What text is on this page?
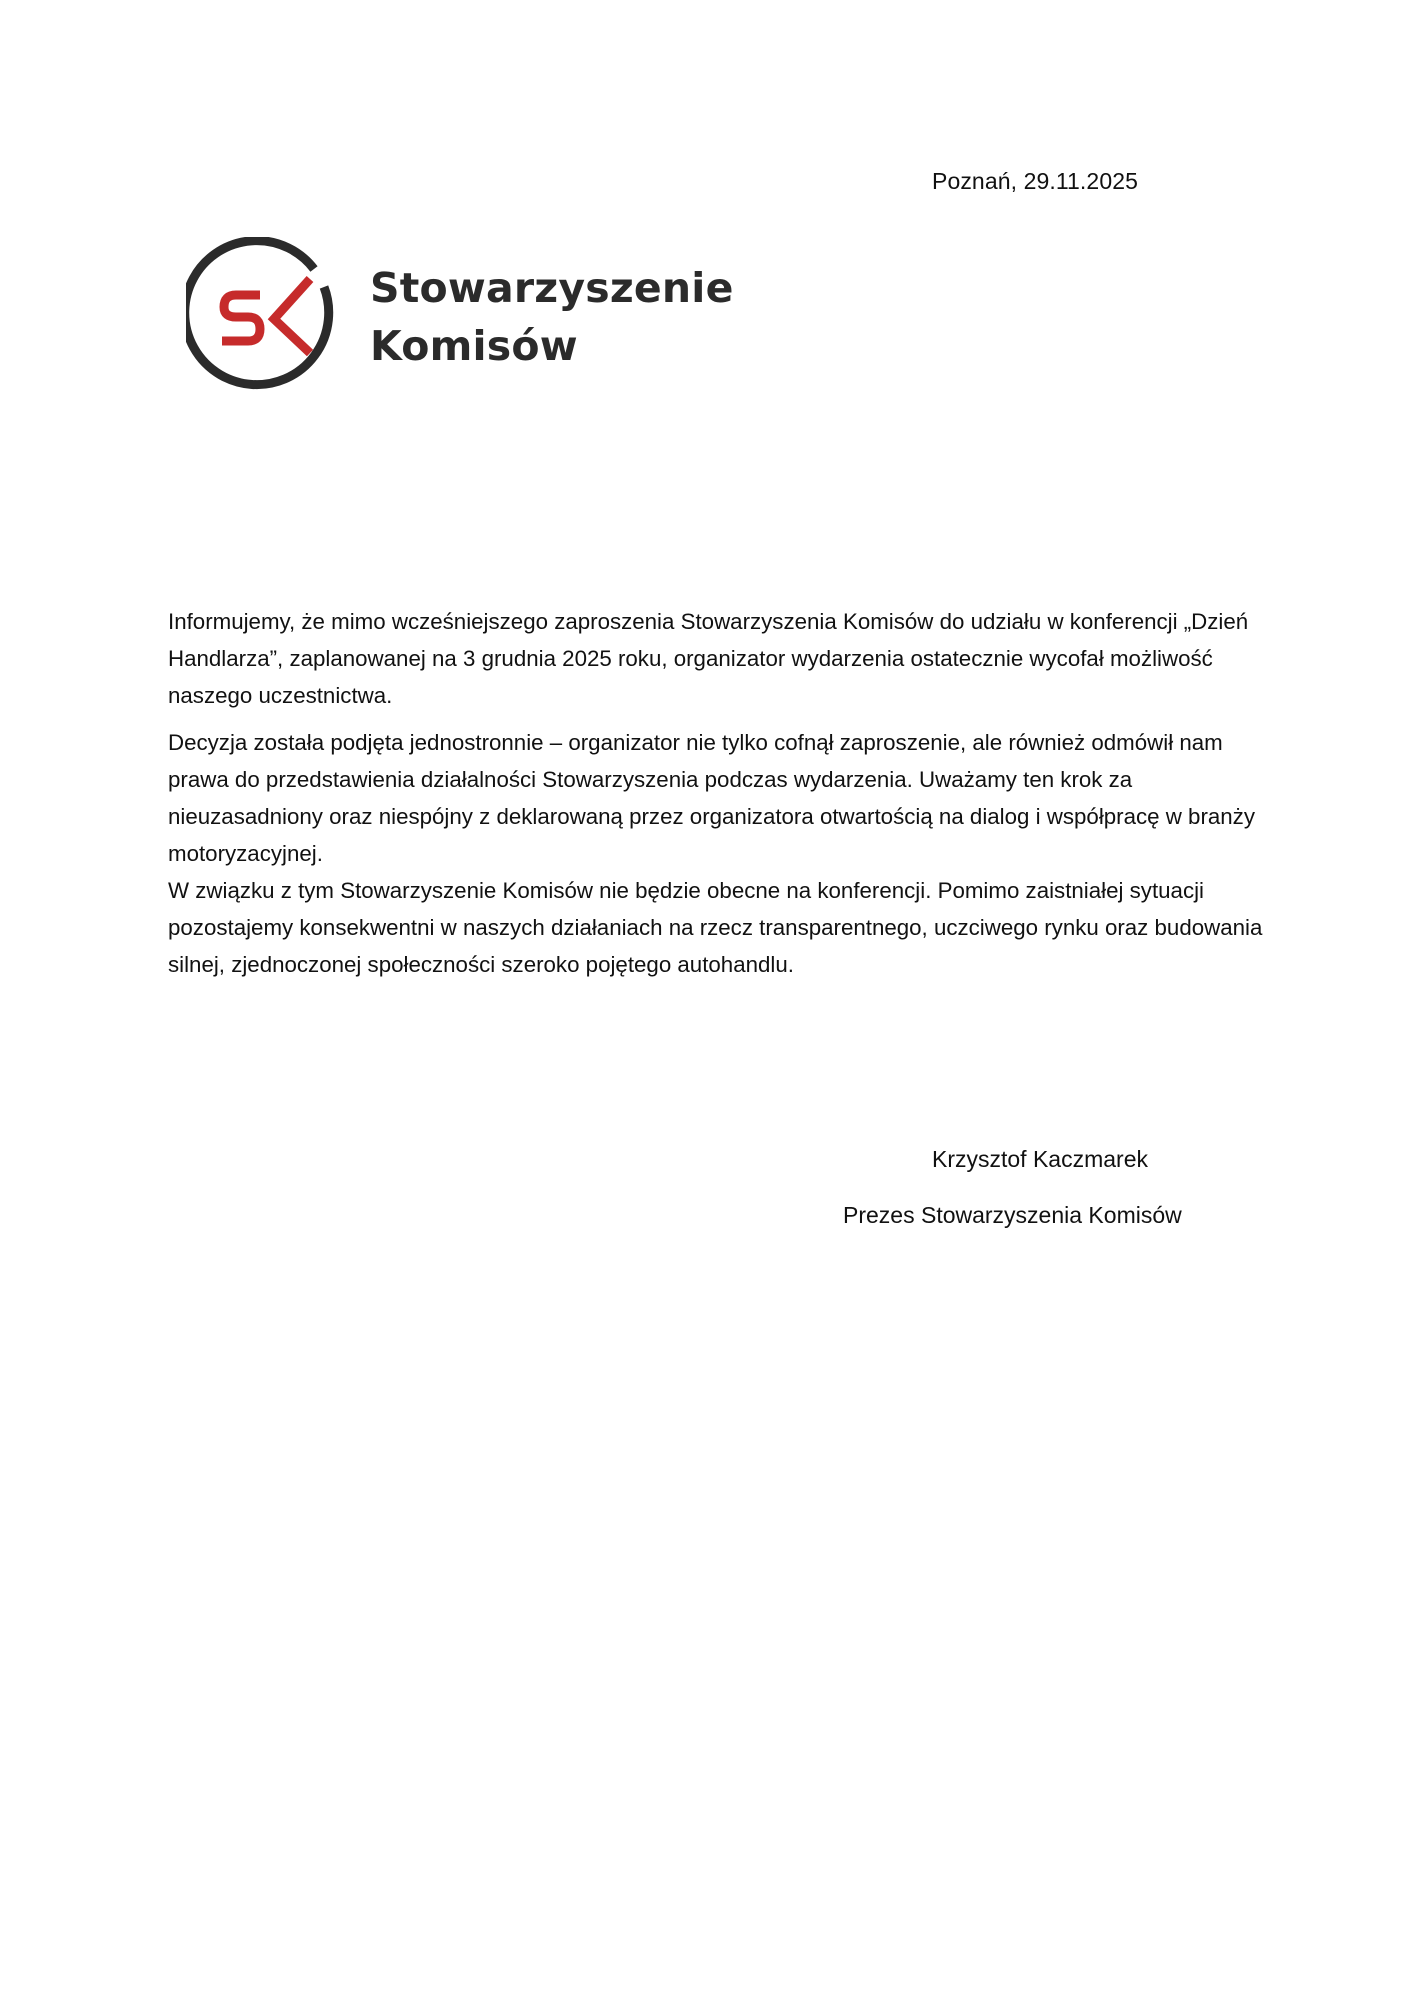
Poznań, 29.11.2025
Stowarzyszenie
Komisów

Informujemy, że mimo wcześniejszego zaproszenia Stowarzyszenia Komisów do udziału w konferencji „Dzień Handlarza”, zaplanowanej na 3 grudnia 2025 roku, organizator wydarzenia ostatecznie wycofał możliwość naszego uczestnictwa.

Decyzja została podjęta jednostronnie – organizator nie tylko cofnął zaproszenie, ale również odmówił nam prawa do przedstawienia działalności Stowarzyszenia podczas wydarzenia. Uważamy ten krok za nieuzasadniony oraz niespójny z deklarowaną przez organizatora otwartością na dialog i współpracę w branży motoryzacyjnej.

W związku z tym Stowarzyszenie Komisów nie będzie obecne na konferencji. Pomimo zaistniałej sytuacji pozostajemy konsekwentni w naszych działaniach na rzecz transparentnego, uczciwego rynku oraz budowania silnej, zjednoczonej społeczności szeroko pojętego autohandlu.

Krzysztof Kaczmarek
Prezes Stowarzyszenia Komisów
